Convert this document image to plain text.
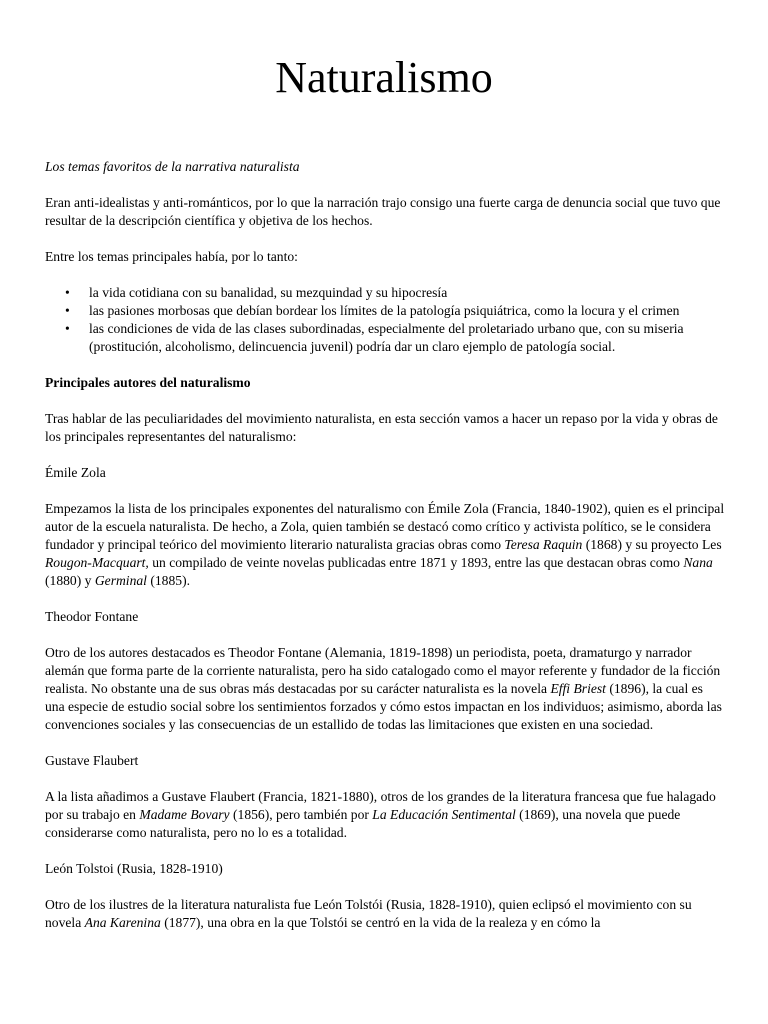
Naturalismo

Los temas favoritos de la narrativa naturalista

Eran anti-idealistas y anti-románticos, por lo que la narración trajo consigo una fuerte carga de denuncia social que tuvo que resultar de la descripción científica y objetiva de los hechos.

Entre los temas principales había, por lo tanto:

• la vida cotidiana con su banalidad, su mezquindad y su hipocresía
• las pasiones morbosas que debían bordear los límites de la patología psiquiátrica, como la locura y el crimen
• las condiciones de vida de las clases subordinadas, especialmente del proletariado urbano que, con su miseria (prostitución, alcoholismo, delincuencia juvenil) podría dar un claro ejemplo de patología social.

Principales autores del naturalismo

Tras hablar de las peculiaridades del movimiento naturalista, en esta sección vamos a hacer un repaso por la vida y obras de los principales representantes del naturalismo:

Émile Zola

Empezamos la lista de los principales exponentes del naturalismo con Émile Zola (Francia, 1840-1902), quien es el principal autor de la escuela naturalista. De hecho, a Zola, quien también se destacó como crítico y activista político, se le considera fundador y principal teórico del movimiento literario naturalista gracias obras como Teresa Raquin (1868) y su proyecto Les Rougon-Macquart, un compilado de veinte novelas publicadas entre 1871 y 1893, entre las que destacan obras como Nana (1880) y Germinal (1885).

Theodor Fontane

Otro de los autores destacados es Theodor Fontane (Alemania, 1819-1898) un periodista, poeta, dramaturgo y narrador alemán que forma parte de la corriente naturalista, pero ha sido catalogado como el mayor referente y fundador de la ficción realista. No obstante una de sus obras más destacadas por su carácter naturalista es la novela Effi Briest (1896), la cual es una especie de estudio social sobre los sentimientos forzados y cómo estos impactan en los individuos; asimismo, aborda las convenciones sociales y las consecuencias de un estallido de todas las limitaciones que existen en una sociedad.

Gustave Flaubert

A la lista añadimos a Gustave Flaubert (Francia, 1821-1880), otros de los grandes de la literatura francesa que fue halagado por su trabajo en Madame Bovary (1856), pero también por La Educación Sentimental (1869), una novela que puede considerarse como naturalista, pero no lo es a totalidad.

León Tolstoi (Rusia, 1828-1910)

Otro de los ilustres de la literatura naturalista fue León Tolstói (Rusia, 1828-1910), quien eclipsó el movimiento con su novela Ana Karenina (1877), una obra en la que Tolstói se centró en la vida de la realeza y en cómo la
